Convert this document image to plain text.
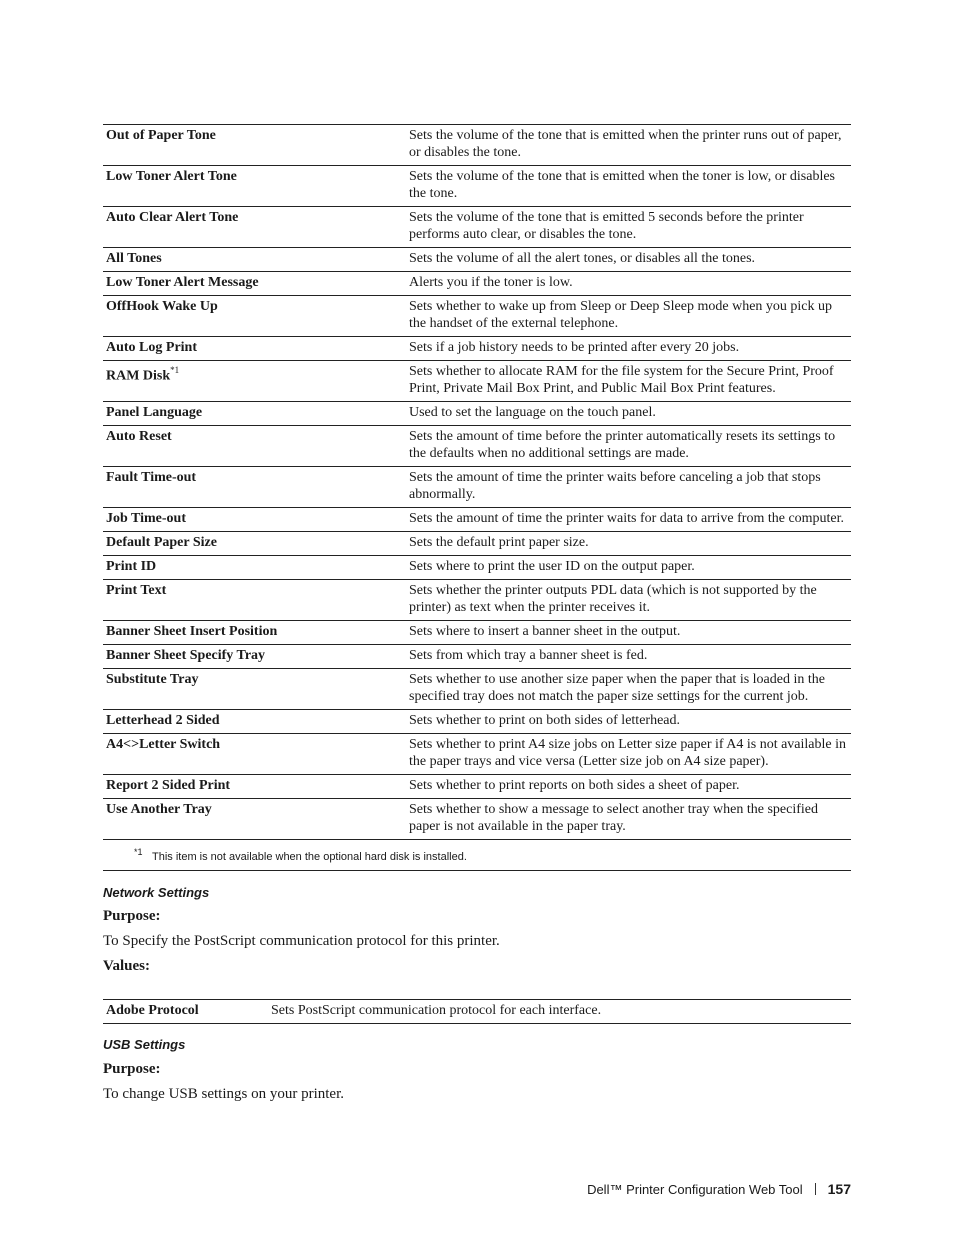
Out of Paper Tone	Sets the volume of the tone that is emitted when the printer runs out of paper, or disables the tone.
Low Toner Alert Tone	Sets the volume of the tone that is emitted when the toner is low, or disables the tone.
Auto Clear Alert Tone	Sets the volume of the tone that is emitted 5 seconds before the printer performs auto clear, or disables the tone.
All Tones	Sets the volume of all the alert tones, or disables all the tones.
Low Toner Alert Message	Alerts you if the toner is low.
OffHook Wake Up	Sets whether to wake up from Sleep or Deep Sleep mode when you pick up the handset of the external telephone.
Auto Log Print	Sets if a job history needs to be printed after every 20 jobs.
RAM Disk$^{*1}$	Sets whether to allocate RAM for the file system for the Secure Print, Proof Print, Private Mail Box Print, and Public Mail Box Print features.
Panel Language	Used to set the language on the touch panel.
Auto Reset	Sets the amount of time before the printer automatically resets its settings to the defaults when no additional settings are made.
Fault Time-out	Sets the amount of time the printer waits before canceling a job that stops abnormally.
Job Time-out	Sets the amount of time the printer waits for data to arrive from the computer.
Default Paper Size	Sets the default print paper size.
Print ID	Sets where to print the user ID on the output paper.
Print Text	Sets whether the printer outputs PDL data (which is not supported by the printer) as text when the printer receives it.
Banner Sheet Insert Position	Sets where to insert a banner sheet in the output.
Banner Sheet Specify Tray	Sets from which tray a banner sheet is fed.
Substitute Tray	Sets whether to use another size paper when the paper that is loaded in the specified tray does not match the paper size settings for the current job.
Letterhead 2 Sided	Sets whether to print on both sides of letterhead.
A4<>Letter Switch	Sets whether to print A4 size jobs on Letter size paper if A4 is not available in the paper trays and vice versa (Letter size job on A4 size paper).
Report 2 Sided Print	Sets whether to print reports on both sides a sheet of paper.
Use Another Tray	Sets whether to show a message to select another tray when the specified paper is not available in the paper tray.
*1 This item is not available when the optional hard disk is installed.
Network Settings
Purpose:
To Specify the PostScript communication protocol for this printer.
Values:
Adobe Protocol	Sets PostScript communication protocol for each interface.
USB Settings
Purpose:
To change USB settings on your printer.
Dell™ Printer Configuration Web Tool 157
